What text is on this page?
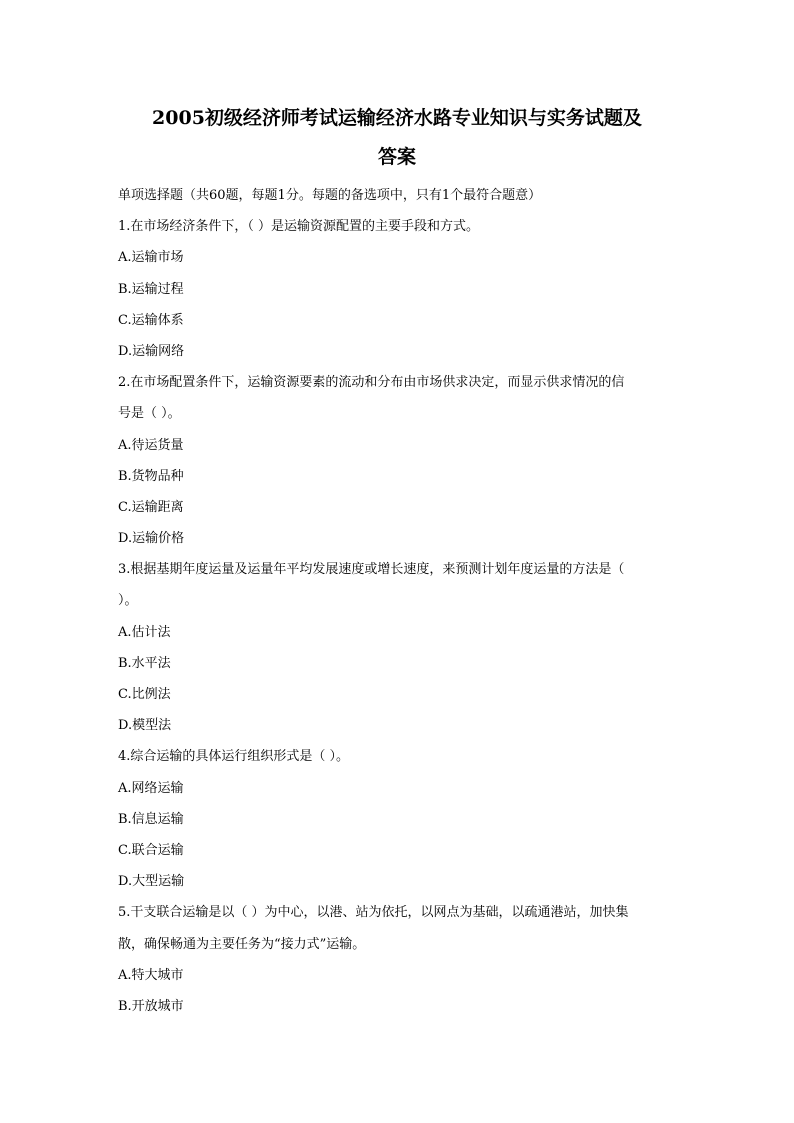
2005初级经济师考试运输经济水路专业知识与实务试题及
答案
单项选择题（共60题，每题1分。每题的备选项中，只有1个最符合题意）
1.在市场经济条件下，（ ）是运输资源配置的主要手段和方式。
A.运输市场
B.运输过程
C.运输体系
D.运输网络
2.在市场配置条件下，运输资源要素的流动和分布由市场供求决定，而显示供求情况的信
号是（ ）。
A.待运货量
B.货物品种
C.运输距离
D.运输价格
3.根据基期年度运量及运量年平均发展速度或增长速度，来预测计划年度运量的方法是（
）。
A.估计法
B.水平法
C.比例法
D.模型法
4.综合运输的具体运行组织形式是（ ）。
A.网络运输
B.信息运输
C.联合运输
D.大型运输
5.干支联合运输是以（ ）为中心，以港、站为依托，以网点为基础，以疏通港站，加快集
散，确保畅通为主要任务为“接力式”运输。
A.特大城市
B.开放城市
